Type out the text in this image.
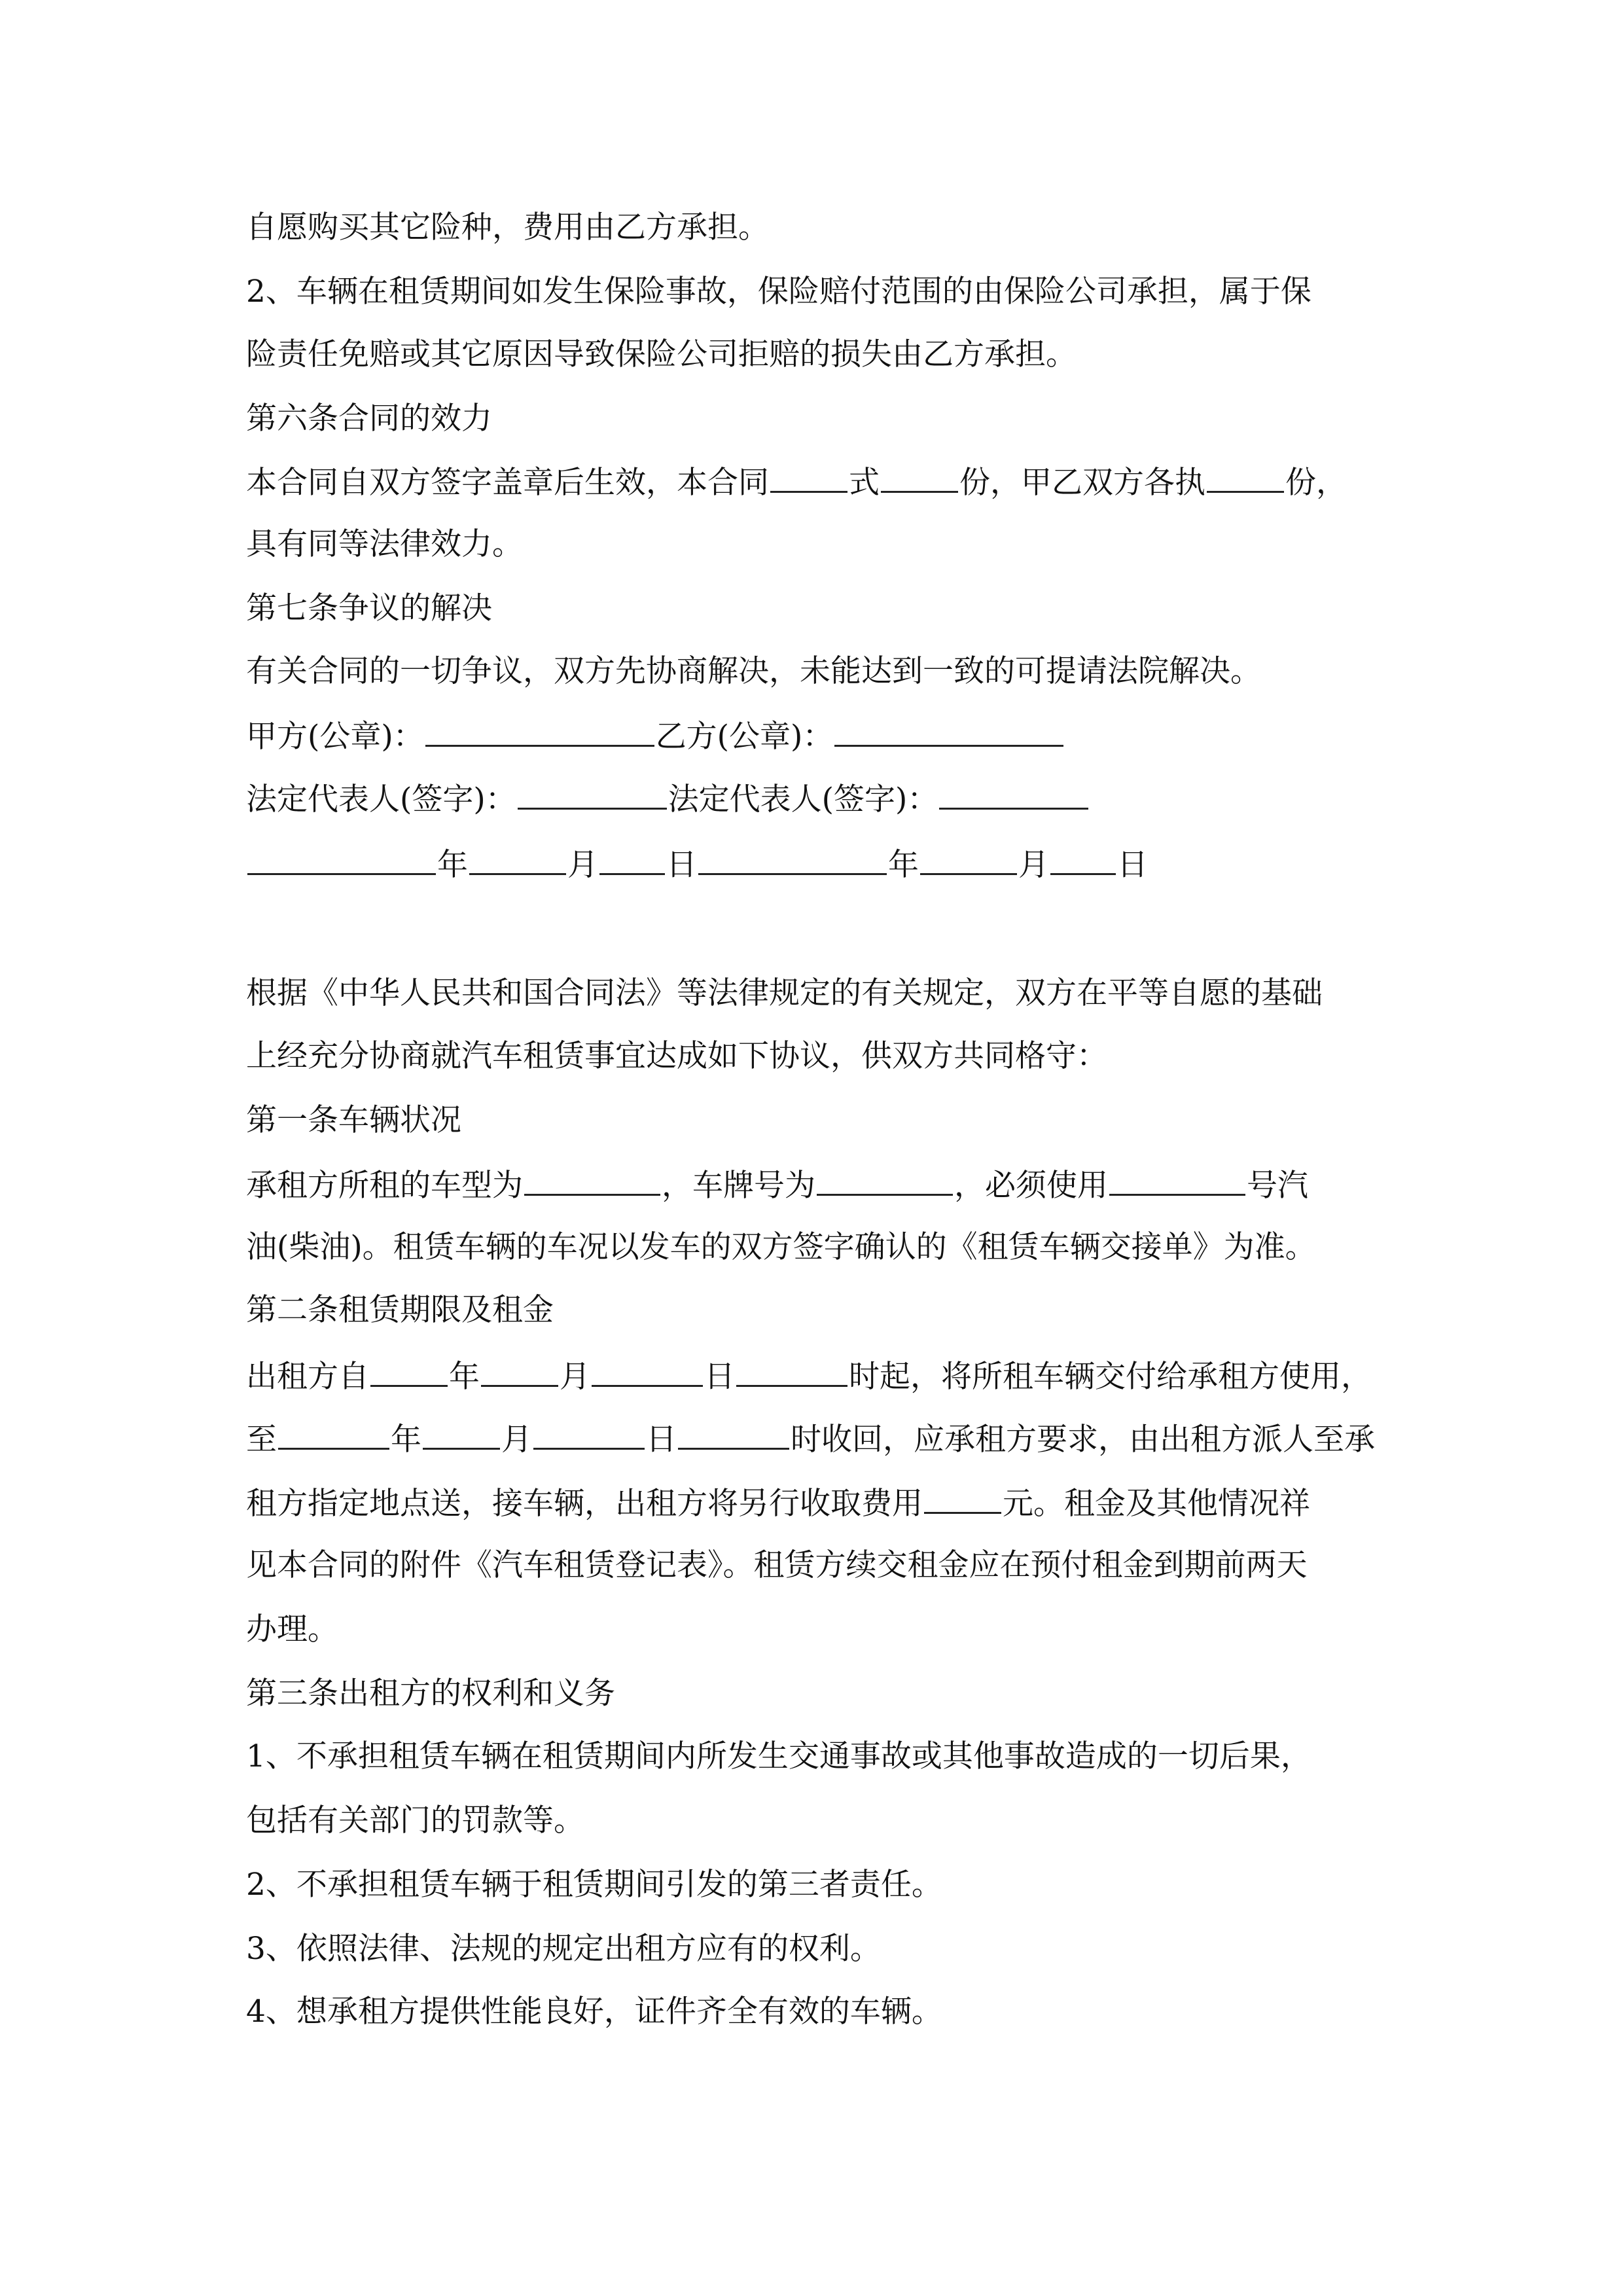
自愿购买其它险种，费用由乙方承担。
2、车辆在租赁期间如发生保险事故，保险赔付范围的由保险公司承担，属于保
险责任免赔或其它原因导致保险公司拒赔的损失由乙方承担。
第六条合同的效力
本合同自双方签字盖章后生效，本合同	式	份，甲乙双方各执	份，
具有同等法律效力。
第七条争议的解决
有关合同的一切争议，双方先协商解决，未能达到一致的可提请法院解决。
甲方(公章)：	乙方(公章)：
法定代表人(签字)：	法定代表人(签字)：
年	月 日	年	月 日
根据《中华人民共和国合同法》等法律规定的有关规定，双方在平等自愿的基础
上经充分协商就汽车租赁事宜达成如下协议，供双方共同格守：
第一条车辆状况
承租方所租的车型为	，车牌号为	，必须使用	号汽
油(柴油)。租赁车辆的车况以发车的双方签字确认的《租赁车辆交接单》为准。
第二条租赁期限及租金
出租方自	年	月	日	时起，将所租车辆交付给承租方使用，
至	年	月	日	时收回，应承租方要求，由出租方派人至承
租方指定地点送，接车辆，出租方将另行收取费用	元。租金及其他情况祥
见本合同的附件《汽车租赁登记表》。租赁方续交租金应在预付租金到期前两天
办理。
第三条出租方的权利和义务
1、不承担租赁车辆在租赁期间内所发生交通事故或其他事故造成的一切后果，
包括有关部门的罚款等。
2、不承担租赁车辆于租赁期间引发的第三者责任。
3、依照法律、法规的规定出租方应有的权利。
4、想承租方提供性能良好，证件齐全有效的车辆。
